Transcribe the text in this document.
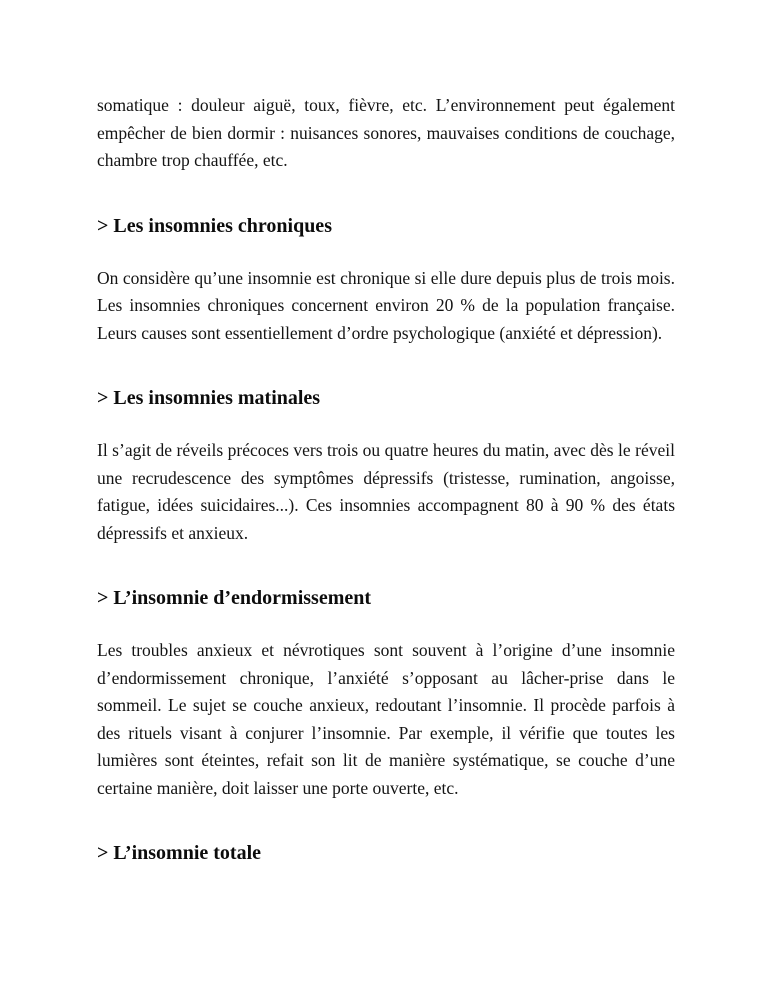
somatique : douleur aiguë, toux, fièvre, etc. L’environnement peut également empêcher de bien dormir : nuisances sonores, mauvaises conditions de couchage, chambre trop chauffée, etc.

> Les insomnies chroniques

On considère qu’une insomnie est chronique si elle dure depuis plus de trois mois. Les insomnies chroniques concernent environ 20 % de la population française. Leurs causes sont essentiellement d’ordre psychologique (anxiété et dépression).

> Les insomnies matinales

Il s’agit de réveils précoces vers trois ou quatre heures du matin, avec dès le réveil une recrudescence des symptômes dépressifs (tristesse, rumination, angoisse, fatigue, idées suicidaires...). Ces insomnies accompagnent 80 à 90 % des états dépressifs et anxieux.

> L’insomnie d’endormissement

Les troubles anxieux et névrotiques sont souvent à l’origine d’une insomnie d’endormissement chronique, l’anxiété s’opposant au lâcher-prise dans le sommeil. Le sujet se couche anxieux, redoutant l’insomnie. Il procède parfois à des rituels visant à conjurer l’insomnie. Par exemple, il vérifie que toutes les lumières sont éteintes, refait son lit de manière systématique, se couche d’une certaine manière, doit laisser une porte ouverte, etc.

> L’insomnie totale
